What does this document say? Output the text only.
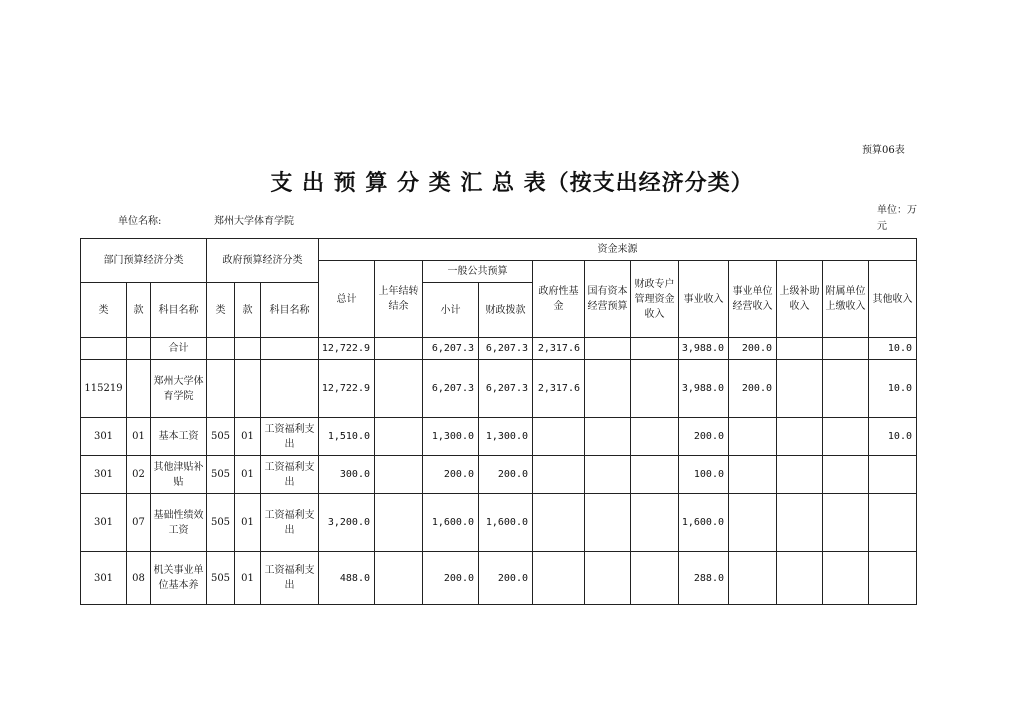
预算06表
支 出 预 算 分 类 汇 总 表（按支出经济分类）
单位名称:	郑州大学体育学院
单位：万元
部门预算经济分类			政府预算经济分类			资金来源											
						总计	上年结转结余	一般公共预算		政府性基金	国有资本经营预算	财政专户管理资金收入	事业收入	事业单位经营收入	上级补助收入	附属单位上缴收入	其他收入
类	款	科目名称	类	款	科目名称			小计	财政拨款								

		合计				12,722.9		6,207.3	6,207.3	2,317.6			3,988.0	200.0			10.0
115219		郑州大学体育学院				12,722.9		6,207.3	6,207.3	2,317.6			3,988.0	200.0			10.0
301	01	基本工资	505	01	工资福利支出	1,510.0		1,300.0	1,300.0				200.0				10.0
301	02	其他津贴补贴	505	01	工资福利支出	300.0		200.0	200.0				100.0				
301	07	基础性绩效工资	505	01	工资福利支出	3,200.0		1,600.0	1,600.0				1,600.0				
301	08	机关事业单位基本养	505	01	工资福利支出	488.0		200.0	200.0				288.0				
